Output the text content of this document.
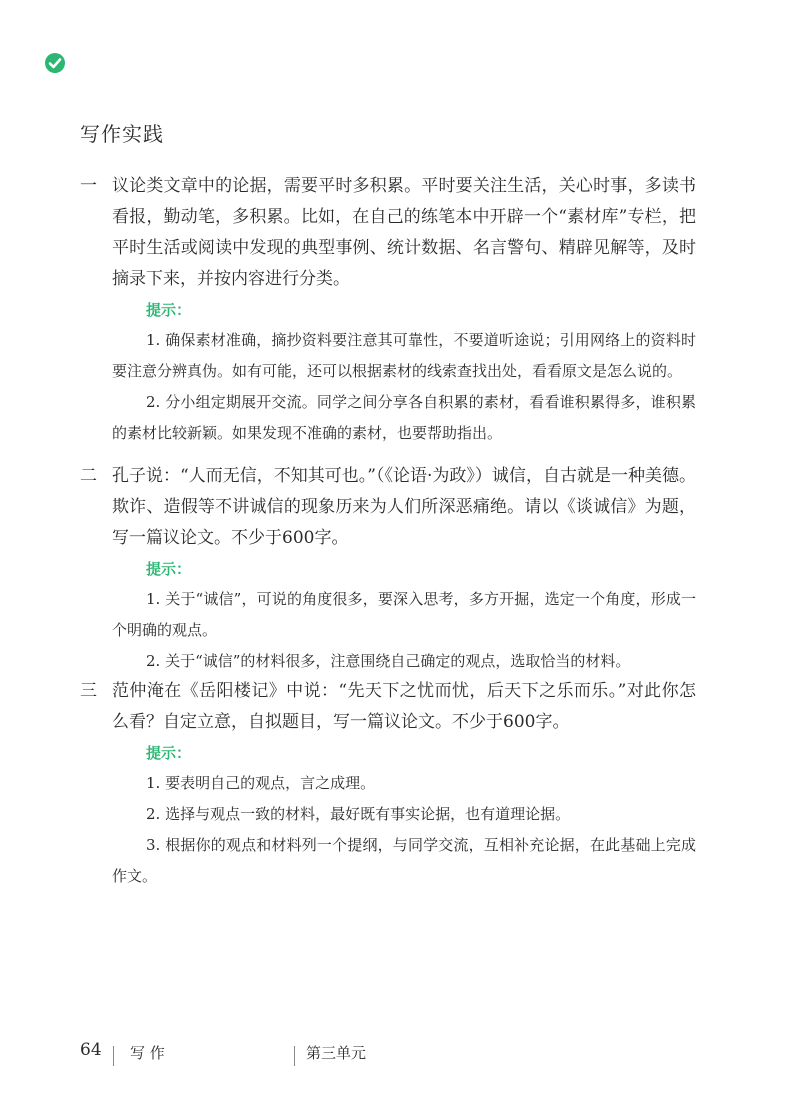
写作实践
一 议论类文章中的论据，需要平时多积累。平时要关注生活，关心时事，多读书看报，勤动笔，多积累。比如，在自己的练笔本中开辟一个“素材库”专栏，把平时生活或阅读中发现的典型事例、统计数据、名言警句、精辟见解等，及时摘录下来，并按内容进行分类。
提示：
1. 确保素材准确，摘抄资料要注意其可靠性，不要道听途说；引用网络上的资料时要注意分辨真伪。如有可能，还可以根据素材的线索查找出处，看看原文是怎么说的。
2. 分小组定期展开交流。同学之间分享各自积累的素材，看看谁积累得多，谁积累的素材比较新颖。如果发现不准确的素材，也要帮助指出。
二 孔子说：“人而无信，不知其可也。”（《论语·为政》）诚信，自古就是一种美德。欺诈、造假等不讲诚信的现象历来为人们所深恶痛绝。请以《谈诚信》为题，写一篇议论文。不少于600字。
提示：
1. 关于“诚信”，可说的角度很多，要深入思考，多方开掘，选定一个角度，形成一个明确的观点。
2. 关于“诚信”的材料很多，注意围绕自己确定的观点，选取恰当的材料。
三 范仲淹在《岳阳楼记》中说：“先天下之忧而忧，后天下之乐而乐。”对此你怎么看？自定立意，自拟题目，写一篇议论文。不少于600字。
提示：
1. 要表明自己的观点，言之成理。
2. 选择与观点一致的材料，最好既有事实论据，也有道理论据。
3. 根据你的观点和材料列一个提纲，与同学交流，互相补充论据，在此基础上完成作文。
64 写 作	第三单元
